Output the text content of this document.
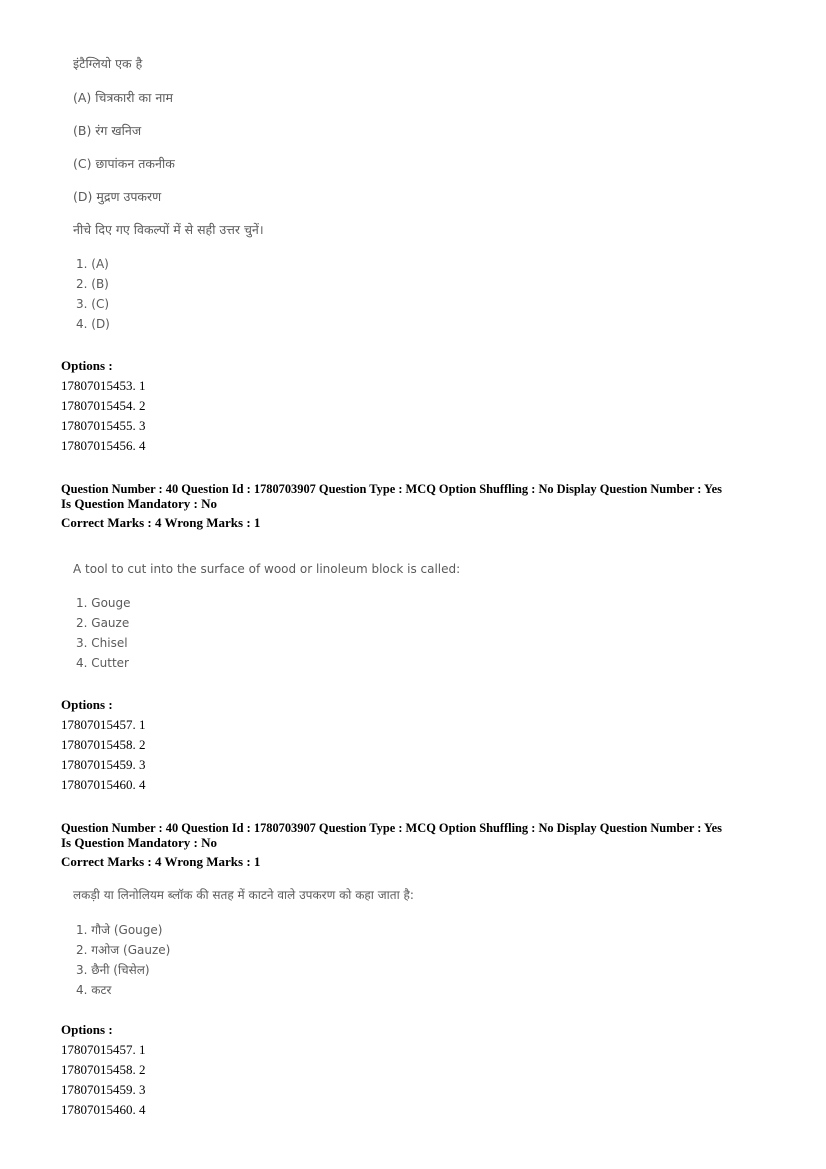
इंटैग्लियो एक है
(A) चित्रकारी का नाम
(B) रंग खनिज
(C) छापांकन तकनीक
(D) मुद्रण उपकरण
नीचे दिए गए विकल्पों में से सही उत्तर चुनें।
1. (A)
2. (B)
3. (C)
4. (D)
Options :
17807015453. 1
17807015454. 2
17807015455. 3
17807015456. 4
Question Number : 40 Question Id : 1780703907 Question Type : MCQ Option Shuffling : No Display Question Number : Yes
Is Question Mandatory : No
Correct Marks : 4 Wrong Marks : 1
A tool to cut into the surface of wood or linoleum block is called:
1. Gouge
2. Gauze
3. Chisel
4. Cutter
Options :
17807015457. 1
17807015458. 2
17807015459. 3
17807015460. 4
Question Number : 40 Question Id : 1780703907 Question Type : MCQ Option Shuffling : No Display Question Number : Yes
Is Question Mandatory : No
Correct Marks : 4 Wrong Marks : 1
लकड़ी या लिनोलियम ब्लॉक की सतह में काटने वाले उपकरण को कहा जाता है:
1. गौजे (Gouge)
2. गओज (Gauze)
3. छैनी (चिसेल)
4. कटर
Options :
17807015457. 1
17807015458. 2
17807015459. 3
17807015460. 4
